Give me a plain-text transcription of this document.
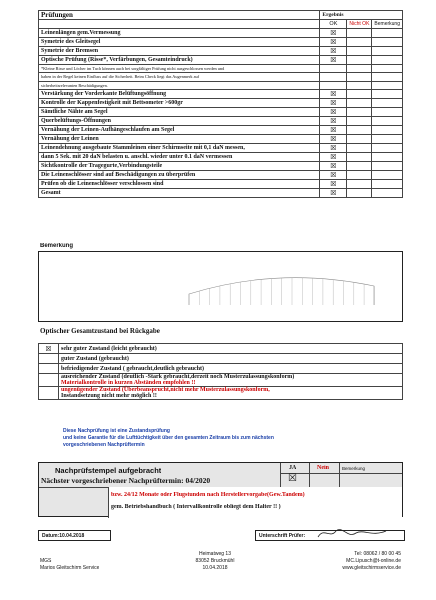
Prüfungen	Ergebnis		
	OK	Nicht OK	Bemerkung
Leinenlängen gem.Vermessung	☒		
Symetrie des Gleitsegel	☒		
Symetrie der Bremsen	☒		
Optische Prüfung (Risse*, Verfärbungen, Gesamteindruck)	☒		
*Kleine Risse und Löcher im Tuch können auch bei sorgfältiger Prüfung nicht ausgeschlossen werden und			
haben in der Regel keinen Einfluss auf die Sicherheit. Beim Check liegt das Augenmerk auf			
sicherheitsrelevanten Beschädigungen.			
Verstärkung der Vorderkante Belüftungsöffnung	☒		
Kontrolle der Kappenfestigkeit mit Bettsometer >600gr	☒		
Sämtliche Nähte am Segel	☒		
Querbelüftungs-Öffnungen	☒		
Vernähung der Leinen-Aufhängeschlaufen am Segel	☒		
Vernähung der Leinen	☒		
Leinendehnung ausgebaute Stammleinen einer Schirmseite mit 0,1 daN messen,	☒		
dann 5 Sek. mit 20 daN belasten u. anschl. wieder unter 0.1 daN vermessen	☒		
Sichtkontrolle der Tragegurte,Verbindungsteile	☒		
Die Leinenschlösser sind auf Beschädigungen zu überprüfen	☒		
Prüfen ob die Leinenschlösser verschlossen sind	☒		
Gesamt	☒		
Bemerkung
Optischer Gesamtzustand bei Rückgabe
☒	sehr guter Zustand (leicht gebraucht)

	guter Zustand (gebraucht)

	befriedigender Zustand ( gebraucht,deutlich gebraucht)

	ausreichender Zustand (deutlich -Stark gebraucht,derzeit noch Musterzulassungskonform)
Materialkontrolle in kurzen Abständen empfohlen !!

	ungenügender Zustand (Überbeansprucht,nicht mehr Musterzulassungskonform,
Instandsetzung nicht mehr möglich !!
Diese Nachprüfung ist eine Zustandsprüfung
und keine Garantie für die Lufttüchtigkeit über den gesamten Zeitraum bis zum nächsten
vorgeschriebenen Nachprüftermin
Nachprüfstempel aufgebracht
Nächster vorgeschriebener Nachprüftermin: 04/2020
JA	Nein	Bemerkung
☒
bzw. 24/12 Monate oder Flugstunden nach Herstellervorgabe(Gew.Tandem)
gem. Betriebshandbuch ( Intervallkontrolle obliegt dem Halter !! )
Datum:10.04.2018	Unterschrift Prüfer:
MGS
Marios Gleitschirm Service
Heimatweg 13
83052 Bruckmühl
10.04.2018
Tel: 08062 / 80 00 45
MC.Lipusch@t-online.de
www.gleitschirmservice.de
